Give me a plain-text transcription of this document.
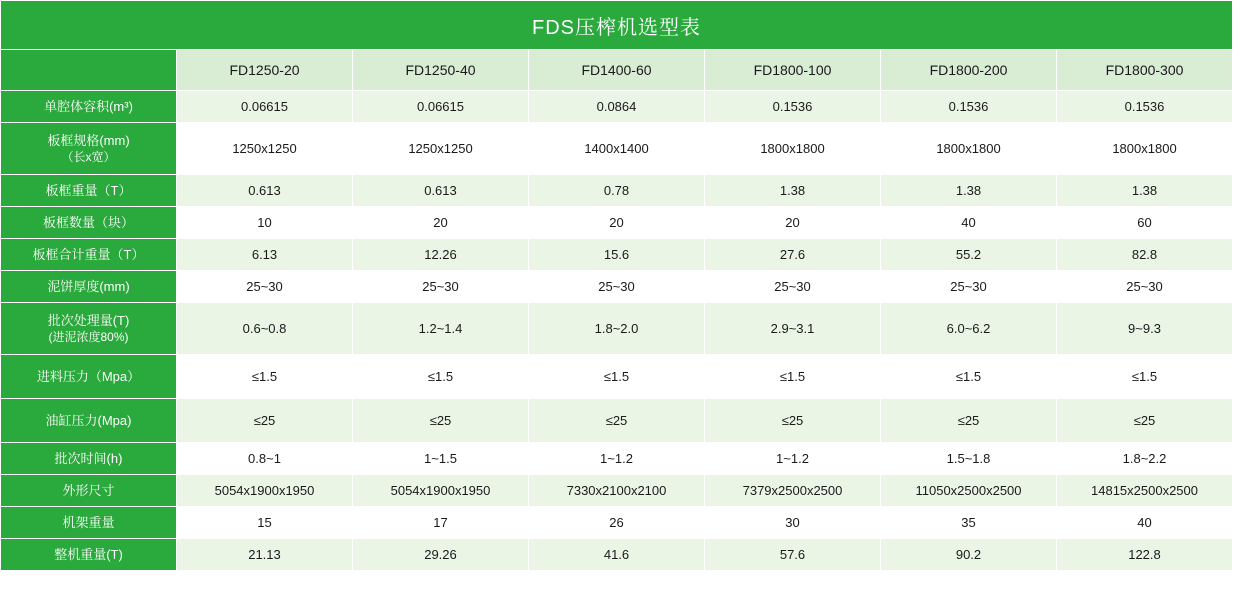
FDS压榨机选型表						
	FD1250-20	FD1250-40	FD1400-60	FD1800-100	FD1800-200	FD1800-300
单腔体容积(m³)	0.06615	0.06615	0.0864	0.1536	0.1536	0.1536
板框规格(mm)
（长x宽）	1250x1250	1250x1250	1400x1400	1800x1800	1800x1800	1800x1800
板框重量（T）	0.613	0.613	0.78	1.38	1.38	1.38
板框数量（块）	10	20	20	20	40	60
板框合计重量（T）	6.13	12.26	15.6	27.6	55.2	82.8
泥饼厚度(mm)	25~30	25~30	25~30	25~30	25~30	25~30
批次处理量(T)
(进泥浓度80%)	0.6~0.8	1.2~1.4	1.8~2.0	2.9~3.1	6.0~6.2	9~9.3
进料压力（Mpa）	≤1.5	≤1.5	≤1.5	≤1.5	≤1.5	≤1.5
油缸压力(Mpa)	≤25	≤25	≤25	≤25	≤25	≤25
批次时间(h)	0.8~1	1~1.5	1~1.2	1~1.2	1.5~1.8	1.8~2.2
外形尺寸	5054x1900x1950	5054x1900x1950	7330x2100x2100	7379x2500x2500	11050x2500x2500	14815x2500x2500
机架重量	15	17	26	30	35	40
整机重量(T)	21.13	29.26	41.6	57.6	90.2	122.8
